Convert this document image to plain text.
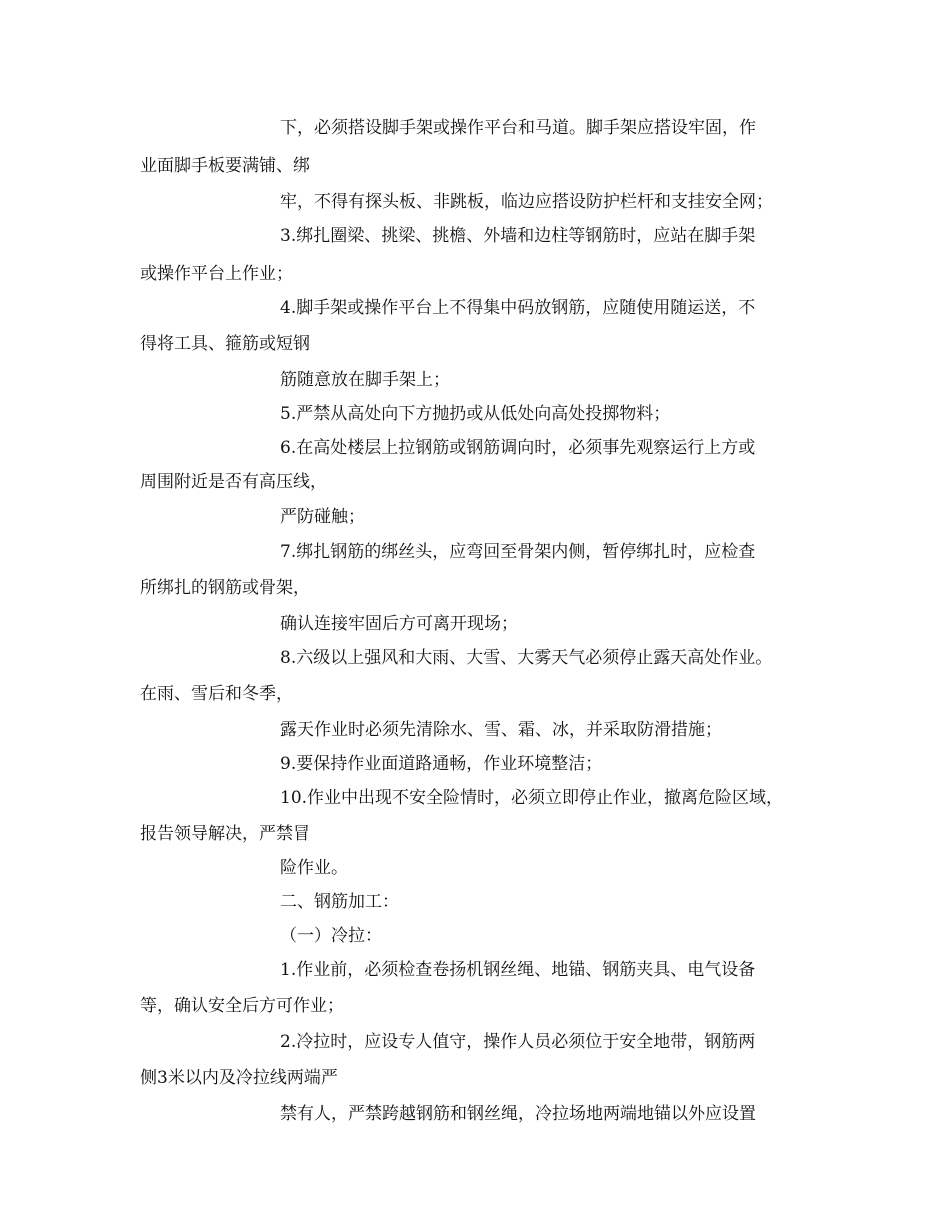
下，必须搭设脚手架或操作平台和马道。脚手架应搭设牢固，作

业面脚手板要满铺、绑

牢，不得有探头板、非跳板，临边应搭设防护栏杆和支挂安全网；

3.绑扎圈梁、挑梁、挑檐、外墙和边柱等钢筋时，应站在脚手架

或操作平台上作业；

4.脚手架或操作平台上不得集中码放钢筋，应随使用随运送，不

得将工具、箍筋或短钢

筋随意放在脚手架上；

5.严禁从高处向下方抛扔或从低处向高处投掷物料；

6.在高处楼层上拉钢筋或钢筋调向时，必须事先观察运行上方或

周围附近是否有高压线，

严防碰触；

7.绑扎钢筋的绑丝头，应弯回至骨架内侧，暂停绑扎时，应检查

所绑扎的钢筋或骨架，

确认连接牢固后方可离开现场；

8.六级以上强风和大雨、大雪、大雾天气必须停止露天高处作业。

在雨、雪后和冬季，

露天作业时必须先清除水、雪、霜、冰，并采取防滑措施；

9.要保持作业面道路通畅，作业环境整洁；

10.作业中出现不安全险情时，必须立即停止作业，撤离危险区域，

报告领导解决，严禁冒

险作业。

二、钢筋加工：

（一）冷拉：

1.作业前，必须检查卷扬机钢丝绳、地锚、钢筋夹具、电气设备

等，确认安全后方可作业；

2.冷拉时，应设专人值守，操作人员必须位于安全地带，钢筋两

侧3米以内及冷拉线两端严

禁有人，严禁跨越钢筋和钢丝绳，冷拉场地两端地锚以外应设置
